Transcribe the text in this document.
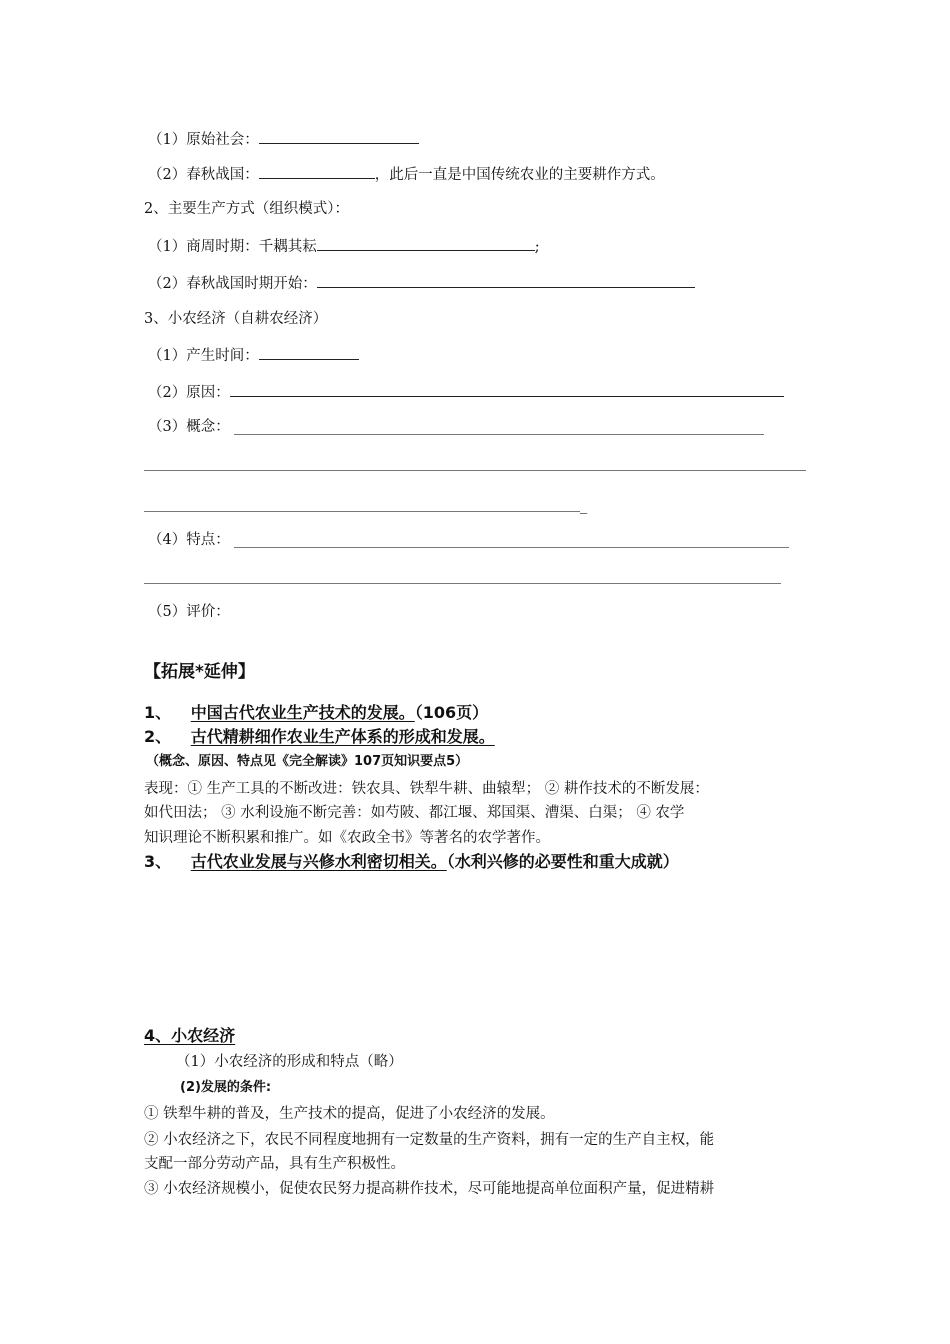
（1）原始社会：
（2）春秋战国：	，此后一直是中国传统农业的主要耕作方式。
2、主要生产方式（组织模式）：
（1）商周时期：千耦其耘	;
（2）春秋战国时期开始：
3、小农经济（自耕农经济）
（1）产生时间：
（2）原因：
（3）概念：
_
（4）特点：
（5）评价：
【拓展*延伸】
1、 中国古代农业生产技术的发展。（106页）
2、 古代精耕细作农业生产体系的形成和发展。
（概念、原因、特点见《完全解读》107页知识要点5）
表现：① 生产工具的不断改进：铁农具、铁犁牛耕、曲辕犁； ② 耕作技术的不断发展：
如代田法； ③ 水利设施不断完善：如芍陂、都江堰、郑国渠、漕渠、白渠； ④ 农学
知识理论不断积累和推广。如《农政全书》等著名的农学著作。
3、 古代农业发展与兴修水利密切相关。（水利兴修的必要性和重大成就）
4、小农经济
（1）小农经济的形成和特点（略）
(2)发展的条件:
① 铁犁牛耕的普及，生产技术的提高，促进了小农经济的发展。
② 小农经济之下，农民不同程度地拥有一定数量的生产资料，拥有一定的生产自主权，能
支配一部分劳动产品，具有生产积极性。
③ 小农经济规模小，促使农民努力提高耕作技术，尽可能地提高单位面积产量，促进精耕
